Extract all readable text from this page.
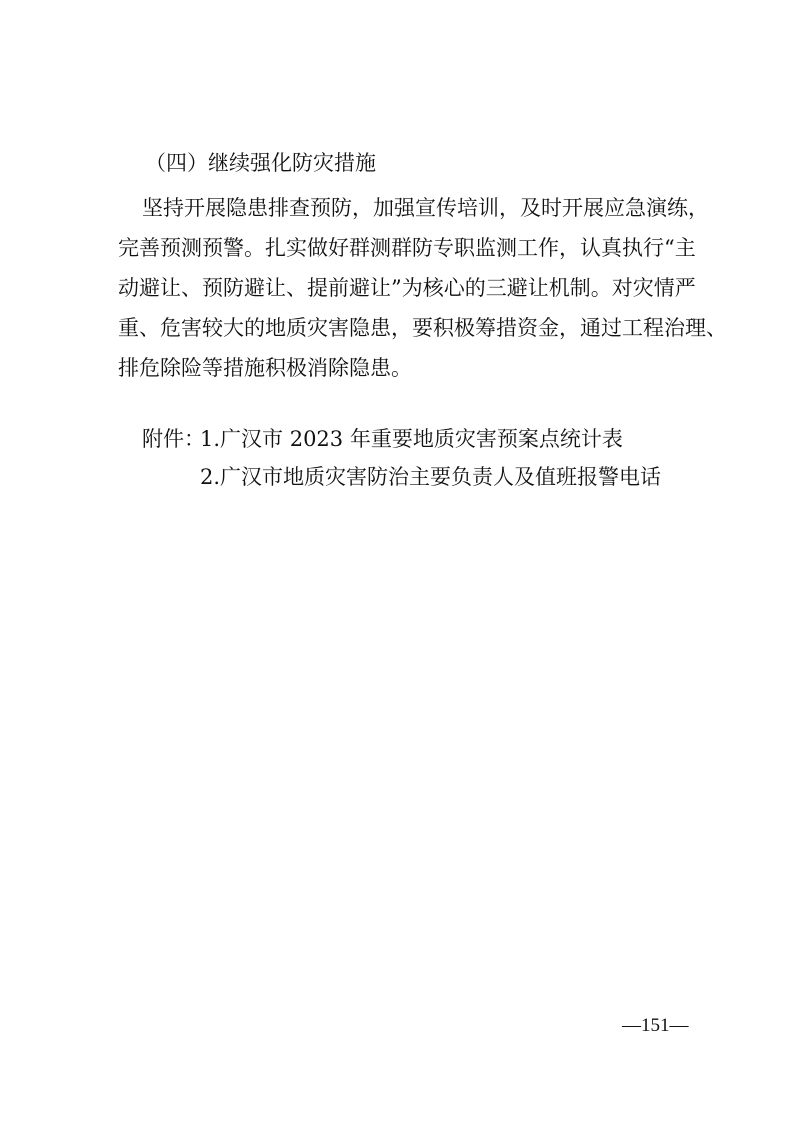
（四）继续强化防灾措施
坚持开展隐患排查预防，加强宣传培训，及时开展应急演练，
完善预测预警。扎实做好群测群防专职监测工作，认真执行“主
动避让、预防避让、提前避让”为核心的三避让机制。对灾情严
重、危害较大的地质灾害隐患，要积极筹措资金，通过工程治理、
排危除险等措施积极消除隐患。
附件：
1.广汉市 2023 年重要地质灾害预案点统计表
2.广汉市地质灾害防治主要负责人及值班报警电话
—151—
